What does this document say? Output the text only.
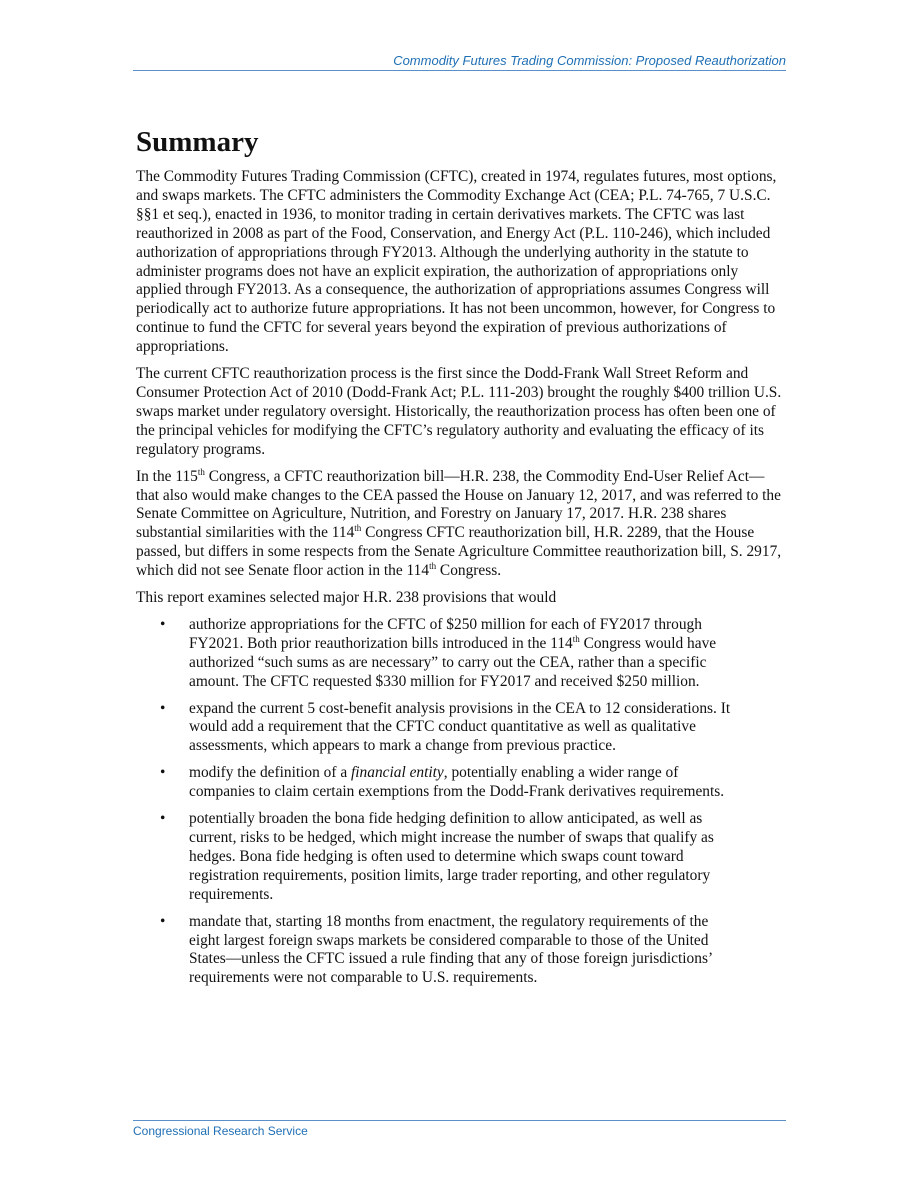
Commodity Futures Trading Commission: Proposed Reauthorization
Summary

The Commodity Futures Trading Commission (CFTC), created in 1974, regulates futures, most options, and swaps markets. The CFTC administers the Commodity Exchange Act (CEA; P.L. 74-765, 7 U.S.C. §§1 et seq.), enacted in 1936, to monitor trading in certain derivatives markets. The CFTC was last reauthorized in 2008 as part of the Food, Conservation, and Energy Act (P.L. 110-246), which included authorization of appropriations through FY2013. Although the underlying authority in the statute to administer programs does not have an explicit expiration, the authorization of appropriations only applied through FY2013. As a consequence, the authorization of appropriations assumes Congress will periodically act to authorize future appropriations. It has not been uncommon, however, for Congress to continue to fund the CFTC for several years beyond the expiration of previous authorizations of appropriations.

The current CFTC reauthorization process is the first since the Dodd-Frank Wall Street Reform and Consumer Protection Act of 2010 (Dodd-Frank Act; P.L. 111-203) brought the roughly $400 trillion U.S. swaps market under regulatory oversight. Historically, the reauthorization process has often been one of the principal vehicles for modifying the CFTC’s regulatory authority and evaluating the efficacy of its regulatory programs.

In the 115th Congress, a CFTC reauthorization bill—H.R. 238, the Commodity End-User Relief Act—that also would make changes to the CEA passed the House on January 12, 2017, and was referred to the Senate Committee on Agriculture, Nutrition, and Forestry on January 17, 2017. H.R. 238 shares substantial similarities with the 114th Congress CFTC reauthorization bill, H.R. 2289, that the House passed, but differs in some respects from the Senate Agriculture Committee reauthorization bill, S. 2917, which did not see Senate floor action in the 114th Congress.

This report examines selected major H.R. 238 provisions that would

• authorize appropriations for the CFTC of $250 million for each of FY2017 through FY2021. Both prior reauthorization bills introduced in the 114th Congress would have authorized “such sums as are necessary” to carry out the CEA, rather than a specific amount. The CFTC requested $330 million for FY2017 and received $250 million.
• expand the current 5 cost-benefit analysis provisions in the CEA to 12 considerations. It would add a requirement that the CFTC conduct quantitative as well as qualitative assessments, which appears to mark a change from previous practice.
• modify the definition of a financial entity, potentially enabling a wider range of companies to claim certain exemptions from the Dodd-Frank derivatives requirements.
• potentially broaden the bona fide hedging definition to allow anticipated, as well as current, risks to be hedged, which might increase the number of swaps that qualify as hedges. Bona fide hedging is often used to determine which swaps count toward registration requirements, position limits, large trader reporting, and other regulatory requirements.
• mandate that, starting 18 months from enactment, the regulatory requirements of the eight largest foreign swaps markets be considered comparable to those of the United States—unless the CFTC issued a rule finding that any of those foreign jurisdictions’ requirements were not comparable to U.S. requirements.
Congressional Research Service
